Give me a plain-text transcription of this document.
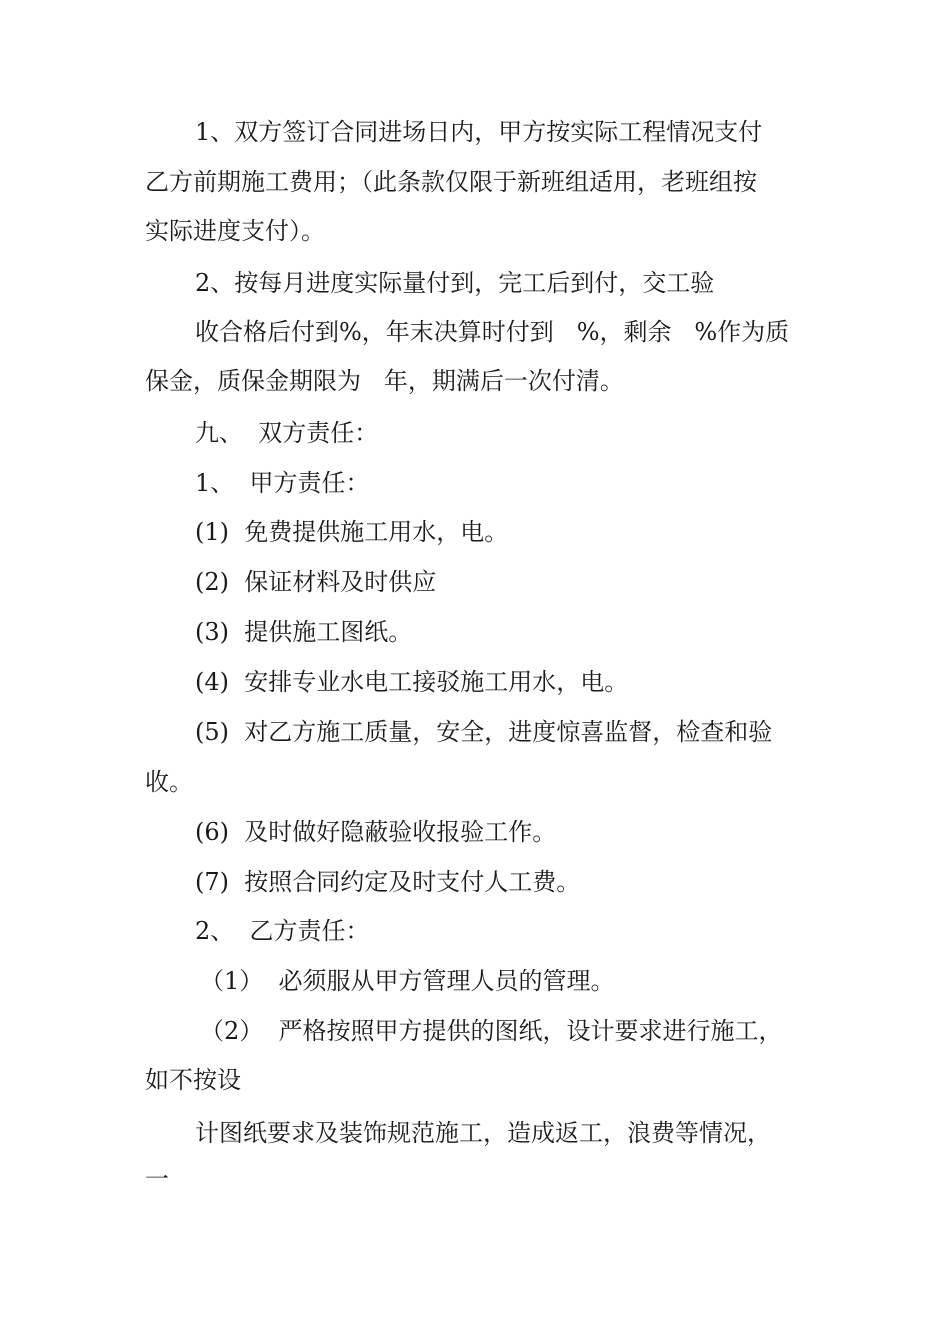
1、双方签订合同进场日内，甲方按实际工程情况支付
乙方前期施工费用；（此条款仅限于新班组适用，老班组按
实际进度支付）。
2、按每月进度实际量付到，完工后到付，交工验
收合格后付到%，年末决算时付到   %，剩余   %作为质
保金，质保金期限为   年，期满后一次付清。
九、  双方责任：
1、  甲方责任：
(1)  免费提供施工用水，电。
(2)  保证材料及时供应
(3)  提供施工图纸。
(4)  安排专业水电工接驳施工用水，电。
(5)  对乙方施工质量，安全，进度惊喜监督，检查和验
收。
(6)  及时做好隐蔽验收报验工作。
(7)  按照合同约定及时支付人工费。
2、  乙方责任：
（1）  必须服从甲方管理人员的管理。
（2）  严格按照甲方提供的图纸，设计要求进行施工，
如不按设
计图纸要求及装饰规范施工，造成返工，浪费等情况，
一
